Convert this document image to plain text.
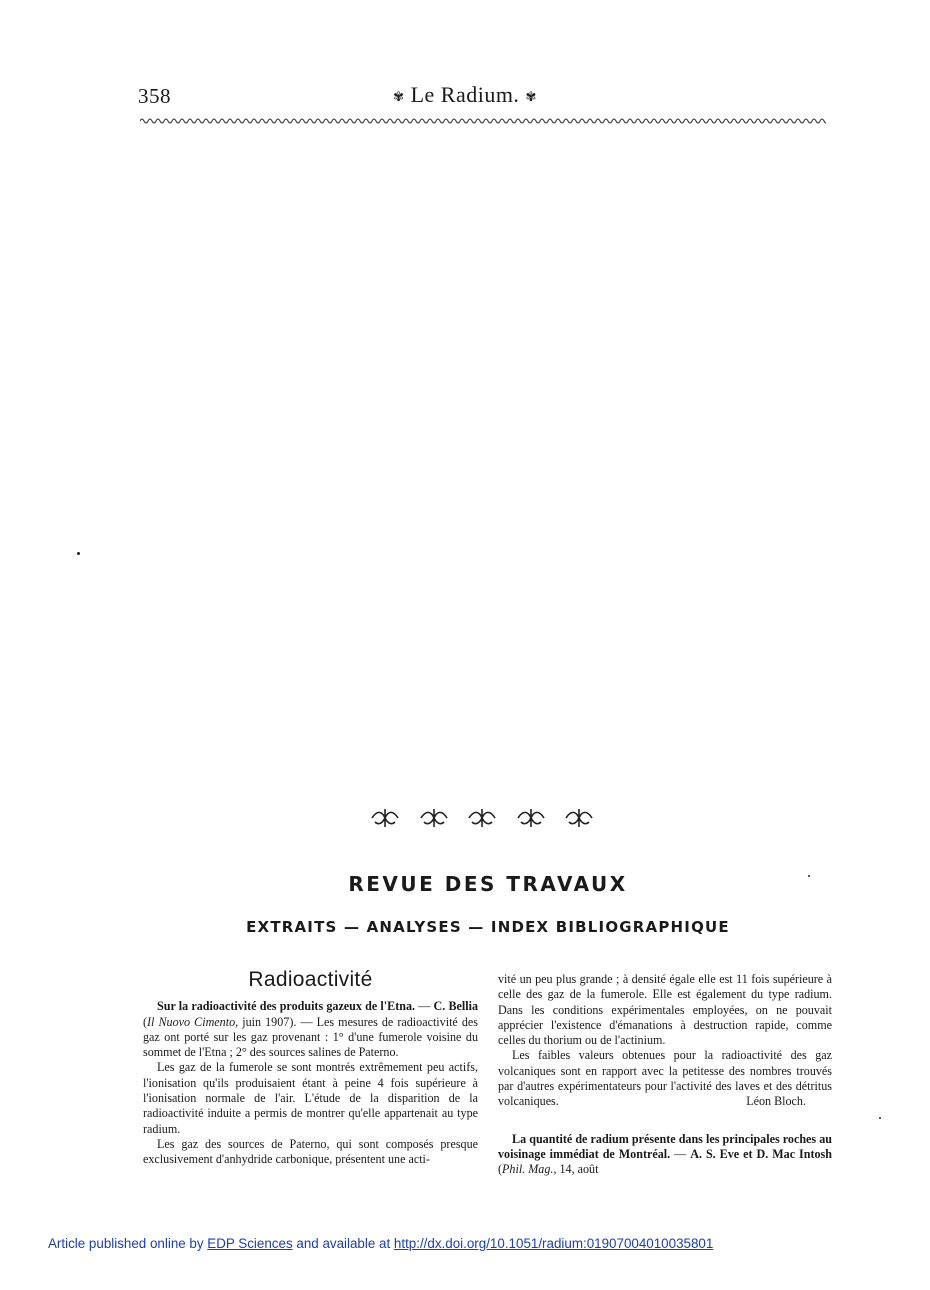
358	✾ Le Radium. ✾
REVUE DES TRAVAUX
EXTRAITS — ANALYSES — INDEX BIBLIOGRAPHIQUE
Radioactivité

Sur la radioactivité des produits gazeux de l'Etna. — C. Bellia (Il Nuovo Cimento, juin 1907). — Les mesures de radioactivité des gaz ont porté sur les gaz provenant : 1° d'une fumerole voisine du sommet de l'Etna ; 2° des sources salines de Paterno.

Les gaz de la fumerole se sont montrés extrêmement peu actifs, l'ionisation qu'ils produisaient étant à peine 4 fois supérieure à l'ionisation normale de l'air. L'étude de la disparition de la radioactivité induite a permis de montrer qu'elle appartenait au type radium.

Les gaz des sources de Paterno, qui sont composés presque exclusivement d'anhydride carbonique, présentent une acti-

vité un peu plus grande ; à densité égale elle est 11 fois supérieure à celle des gaz de la fumerole. Elle est également du type radium. Dans les conditions expérimentales employées, on ne pouvait apprécier l'existence d'émanations à destruction rapide, comme celles du thorium ou de l'actinium.

Les faibles valeurs obtenues pour la radioactivité des gaz volcaniques sont en rapport avec la petitesse des nombres trouvés par d'autres expérimentateurs pour l'activité des laves et des détritus volcaniques.	Léon Bloch.

La quantité de radium présente dans les principales roches au voisinage immédiat de Montréal. — A. S. Eve et D. Mac Intosh (Phil. Mag., 14, août

Article published online by EDP Sciences and available at http://dx.doi.org/10.1051/radium:01907004010035801
